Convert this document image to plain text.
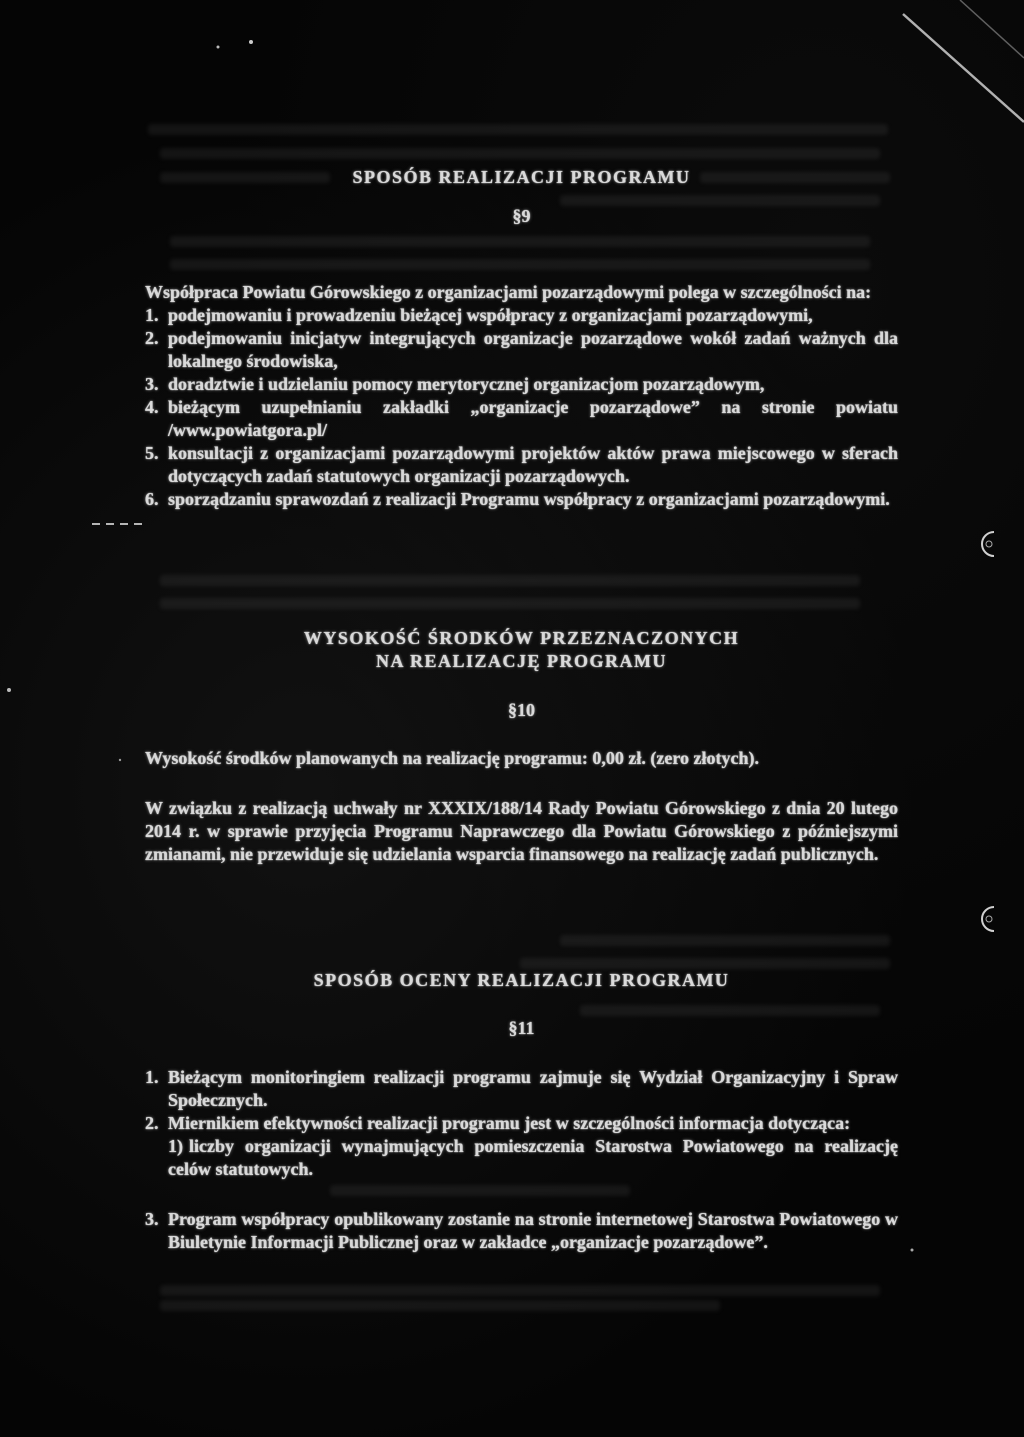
SPOSÓB REALIZACJI PROGRAMU
§9
Współpraca Powiatu Górowskiego z organizacjami pozarządowymi polega w szczególności na:
1. podejmowaniu i prowadzeniu bieżącej współpracy z organizacjami pozarządowymi,
2. podejmowaniu inicjatyw integrujących organizacje pozarządowe wokół zadań ważnych dla lokalnego środowiska,
3. doradztwie i udzielaniu pomocy merytorycznej organizacjom pozarządowym,
4. bieżącym uzupełnianiu zakładki „organizacje pozarządowe” na stronie powiatu /www.powiatgora.pl/
5. konsultacji z organizacjami pozarządowymi projektów aktów prawa miejscowego w sferach dotyczących zadań statutowych organizacji pozarządowych.
6. sporządzaniu sprawozdań z realizacji Programu współpracy z organizacjami pozarządowymi.
WYSOKOŚĆ ŚRODKÓW PRZEZNACZONYCH
NA REALIZACJĘ PROGRAMU
§10
Wysokość środków planowanych na realizację programu: 0,00 zł. (zero złotych).
W związku z realizacją uchwały nr XXXIX/188/14 Rady Powiatu Górowskiego z dnia 20 lutego 2014 r. w sprawie przyjęcia Programu Naprawczego dla Powiatu Górowskiego z późniejszymi zmianami, nie przewiduje się udzielania wsparcia finansowego na realizację zadań publicznych.
SPOSÓB OCENY REALIZACJI PROGRAMU
§11
1. Bieżącym monitoringiem realizacji programu zajmuje się Wydział Organizacyjny i Spraw Społecznych.
2. Miernikiem efektywności realizacji programu jest w szczególności informacja dotycząca:
1) liczby organizacji wynajmujących pomieszczenia Starostwa Powiatowego na realizację celów statutowych.
3. Program współpracy opublikowany zostanie na stronie internetowej Starostwa Powiatowego w Biuletynie Informacji Publicznej oraz w zakładce „organizacje pozarządowe”.
